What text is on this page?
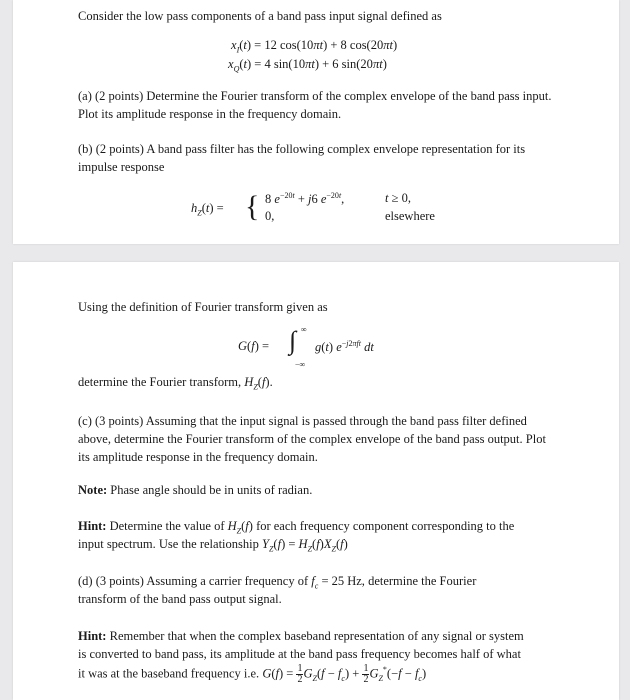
Consider the low pass components of a band pass input signal defined as

$x_I(t) = 12$ cos(10πt) + 8 cos(20πt)
$x_Q(t) = 4$ sin(10πt) + 6 sin(20πt)

(a) (2 points) Determine the Fourier transform of the complex envelope of the band pass input. Plot its amplitude response in the frequency domain.

(b) (2 points) A band pass filter has the following complex envelope representation for its impulse response

$h_Z(t)$ = { 8 $e^{-20t} + j6$ $e^{-20t}$,	t ≥ 0,
0,	elsewhere

Using the definition of Fourier transform given as

G(f) = ∫ ∞
−∞
g(t) $e^{-j2\pi ft}$ dt
determine the Fourier transform, $H_Z(f)$.

(c) (3 points) Assuming that the input signal is passed through the band pass filter defined above, determine the Fourier transform of the complex envelope of the band pass output. Plot its amplitude response in the frequency domain.

Note: Phase angle should be in units of radian.
Hint: Determine the value of $H_Z(f)$ for each frequency component corresponding to the
input spectrum. Use the relationship $Y_Z(f) = H_Z(f)X_Z(f)$
(d) (3 points) Assuming a carrier frequency of $f_c = 25$ Hz, determine the Fourier
transform of the band pass output signal.
Hint: Remember that when the complex baseband representation of any signal or system
is converted to band pass, its amplitude at the band pass frequency becomes half of what
it was at the baseband frequency i.e. $G(f) = \frac{1}{2} G_Z(f - f_c) + \frac{1}{2} G_Z^*(-f - f_c)$
